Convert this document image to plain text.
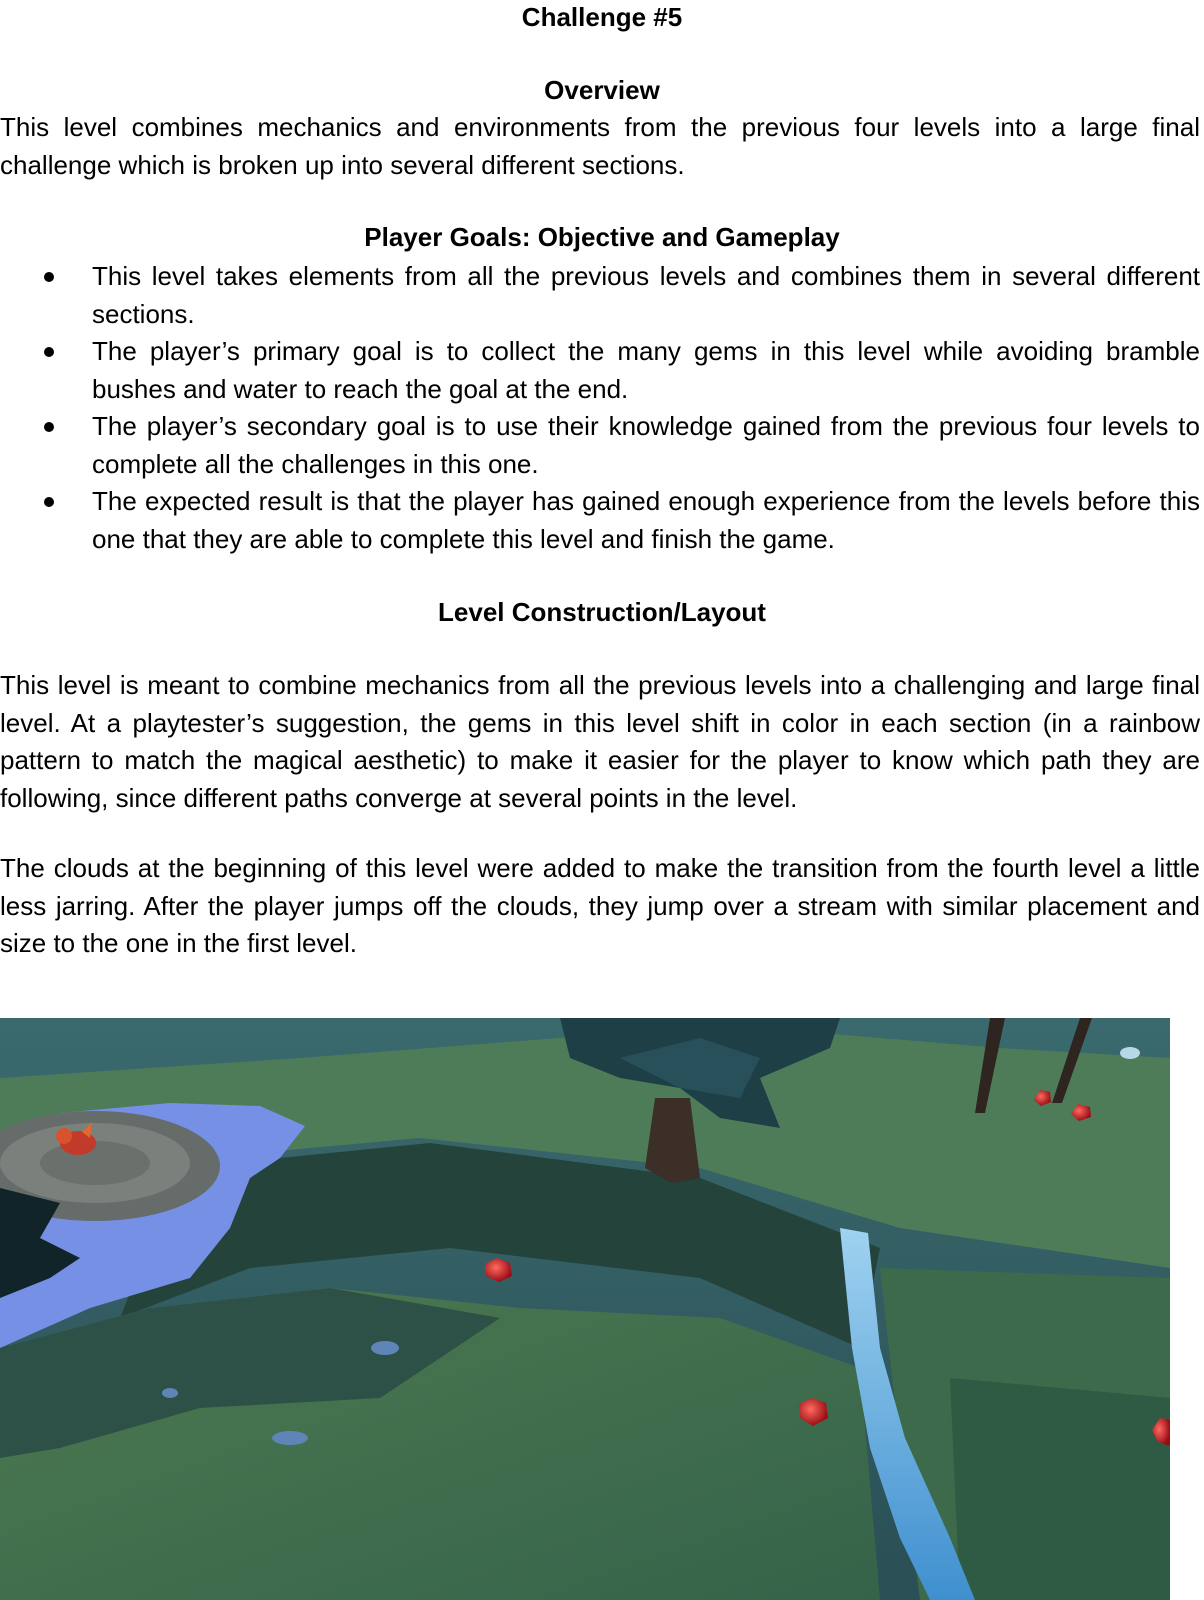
Challenge #5
Overview

This level combines mechanics and environments from the previous four levels into a large final challenge which is broken up into several different sections.

Player Goals: Objective and Gameplay
This level takes elements from all the previous levels and combines them in several different sections.
The player’s primary goal is to collect the many gems in this level while avoiding bramble bushes and water to reach the goal at the end.
The player’s secondary goal is to use their knowledge gained from the previous four levels to complete all the challenges in this one.
The expected result is that the player has gained enough experience from the levels before this one that they are able to complete this level and finish the game.
Level Construction/Layout

This level is meant to combine mechanics from all the previous levels into a challenging and large final level. At a playtester’s suggestion, the gems in this level shift in color in each section (in a rainbow pattern to match the magical aesthetic) to make it easier for the player to know which path they are following, since different paths converge at several points in the level.

The clouds at the beginning of this level were added to make the transition from the fourth level a little less jarring. After the player jumps off the clouds, they jump over a stream with similar placement and size to the one in the first level.
